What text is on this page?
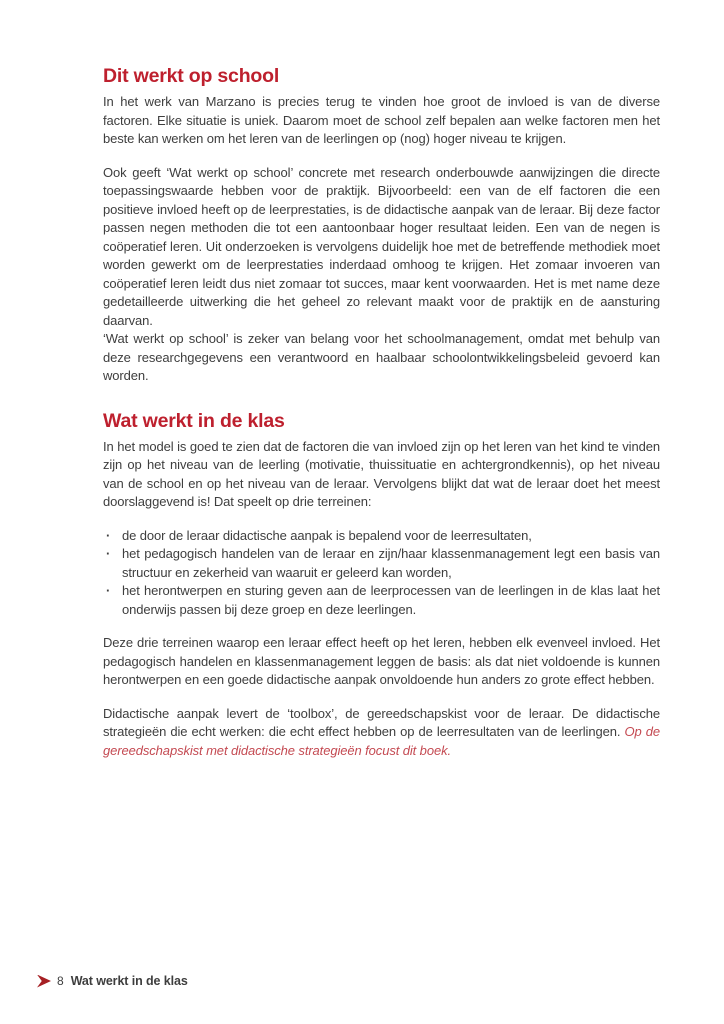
Dit werkt op school

In het werk van Marzano is precies terug te vinden hoe groot de invloed is van de diverse factoren. Elke situatie is uniek. Daarom moet de school zelf bepalen aan welke factoren men het beste kan werken om het leren van de leerlingen op (nog) hoger niveau te krijgen.

Ook geeft ‘Wat werkt op school’ concrete met research onderbouwde aanwijzingen die directe toepassingswaarde hebben voor de praktijk. Bijvoorbeeld: een van de elf factoren die een positieve invloed heeft op de leerprestaties, is de didactische aanpak van de leraar. Bij deze factor passen negen methoden die tot een aantoonbaar hoger resultaat leiden. Een van de negen is coöperatief leren. Uit onderzoeken is vervolgens duidelijk hoe met de betreffende methodiek moet worden gewerkt om de leerprestaties inderdaad omhoog te krijgen. Het zomaar invoeren van coöperatief leren leidt dus niet zomaar tot succes, maar kent voorwaarden. Het is met name deze gedetailleerde uitwerking die het geheel zo relevant maakt voor de praktijk en de aansturing daarvan.

‘Wat werkt op school’ is zeker van belang voor het schoolmanagement, omdat met behulp van deze researchgegevens een verantwoord en haalbaar schoolontwikkelingsbeleid gevoerd kan worden.

Wat werkt in de klas

In het model is goed te zien dat de factoren die van invloed zijn op het leren van het kind te vinden zijn op het niveau van de leerling (motivatie, thuissituatie en achtergrondkennis), op het niveau van de school en op het niveau van de leraar. Vervolgens blijkt dat wat de leraar doet het meest doorslaggevend is! Dat speelt op drie terreinen:

· de door de leraar didactische aanpak is bepalend voor de leerresultaten,
· het pedagogisch handelen van de leraar en zijn/haar klassenmanagement legt een basis van structuur en zekerheid van waaruit er geleerd kan worden,
· het herontwerpen en sturing geven aan de leerprocessen van de leerlingen in de klas laat het onderwijs passen bij deze groep en deze leerlingen.

Deze drie terreinen waarop een leraar effect heeft op het leren, hebben elk evenveel invloed. Het pedagogisch handelen en klassenmanagement leggen de basis: als dat niet voldoende is kunnen herontwerpen en een goede didactische aanpak onvoldoende hun anders zo grote effect hebben.

Didactische aanpak levert de ‘toolbox’, de gereedschapskist voor de leraar. De didactische strategieën die echt werken: die echt effect hebben op de leerresultaten van de leerlingen. Op de gereedschapskist met didactische strategieën focust dit boek.

8 Wat werkt in de klas
